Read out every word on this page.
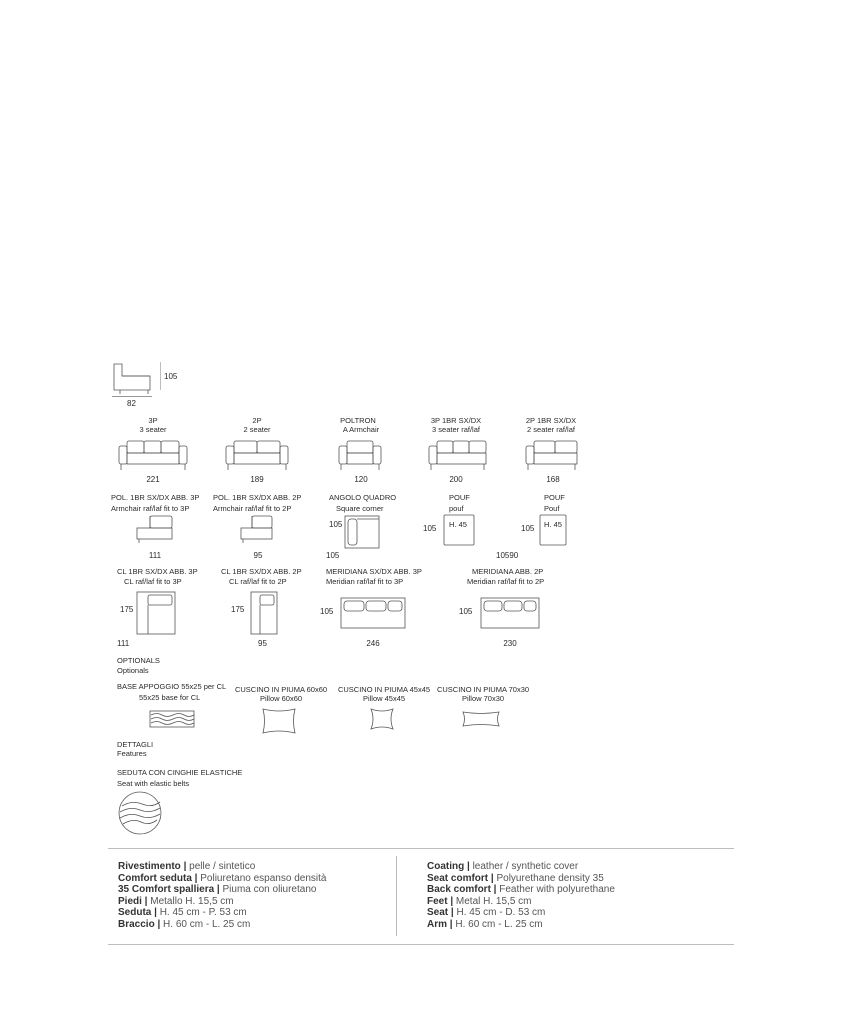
105
82
3P
3 seater
221
2P
2 seater
189
POLTRON
A Armchair
120
3P 1BR SX/DX
3 seater raf/laf
200
2P 1BR SX/DX
2 seater raf/laf
168
POL. 1BR SX/DX ABB. 3P
Armchair raf/laf fit to 3P
111
POL. 1BR SX/DX ABB. 2P
Armchair raf/laf fit to 2P
95
ANGOLO QUADRO
Square corner
105
105
POUF
pouf
105 H. 45
POUF
Pouf
105 H. 45
10590
CL 1BR SX/DX ABB. 3P
CL raf/laf fit to 3P
175
111
CL 1BR SX/DX ABB. 2P
CL raf/laf fit to 2P
175
95
MERIDIANA SX/DX ABB. 3P
Meridian raf/laf fit to 3P
105
246
MERIDIANA ABB. 2P
Meridian raf/laf fit to 2P
105
230
OPTIONALS
Optionals
BASE APPOGGIO 55x25 per CL
55x25 base for CL
CUSCINO IN PIUMA 60x60
Pillow 60x60
CUSCINO IN PIUMA 45x45
Pillow 45x45
CUSCINO IN PIUMA 70x30
Pillow 70x30
DETTAGLI
Features
SEDUTA CON CINGHIE ELASTICHE
Seat with elastic belts
Rivestimento | pelle / sintetico
Comfort seduta | Poliuretano espanso densità
35 Comfort spalliera | Piuma con oliuretano
Piedi | Metallo H. 15,5 cm
Seduta | H. 45 cm - P. 53 cm
Braccio | H. 60 cm - L. 25 cm
Coating | leather / synthetic cover
Seat comfort | Polyurethane density 35
Back comfort | Feather with polyurethane
Feet | Metal H. 15,5 cm
Seat | H. 45 cm - D. 53 cm
Arm | H. 60 cm - L. 25 cm
